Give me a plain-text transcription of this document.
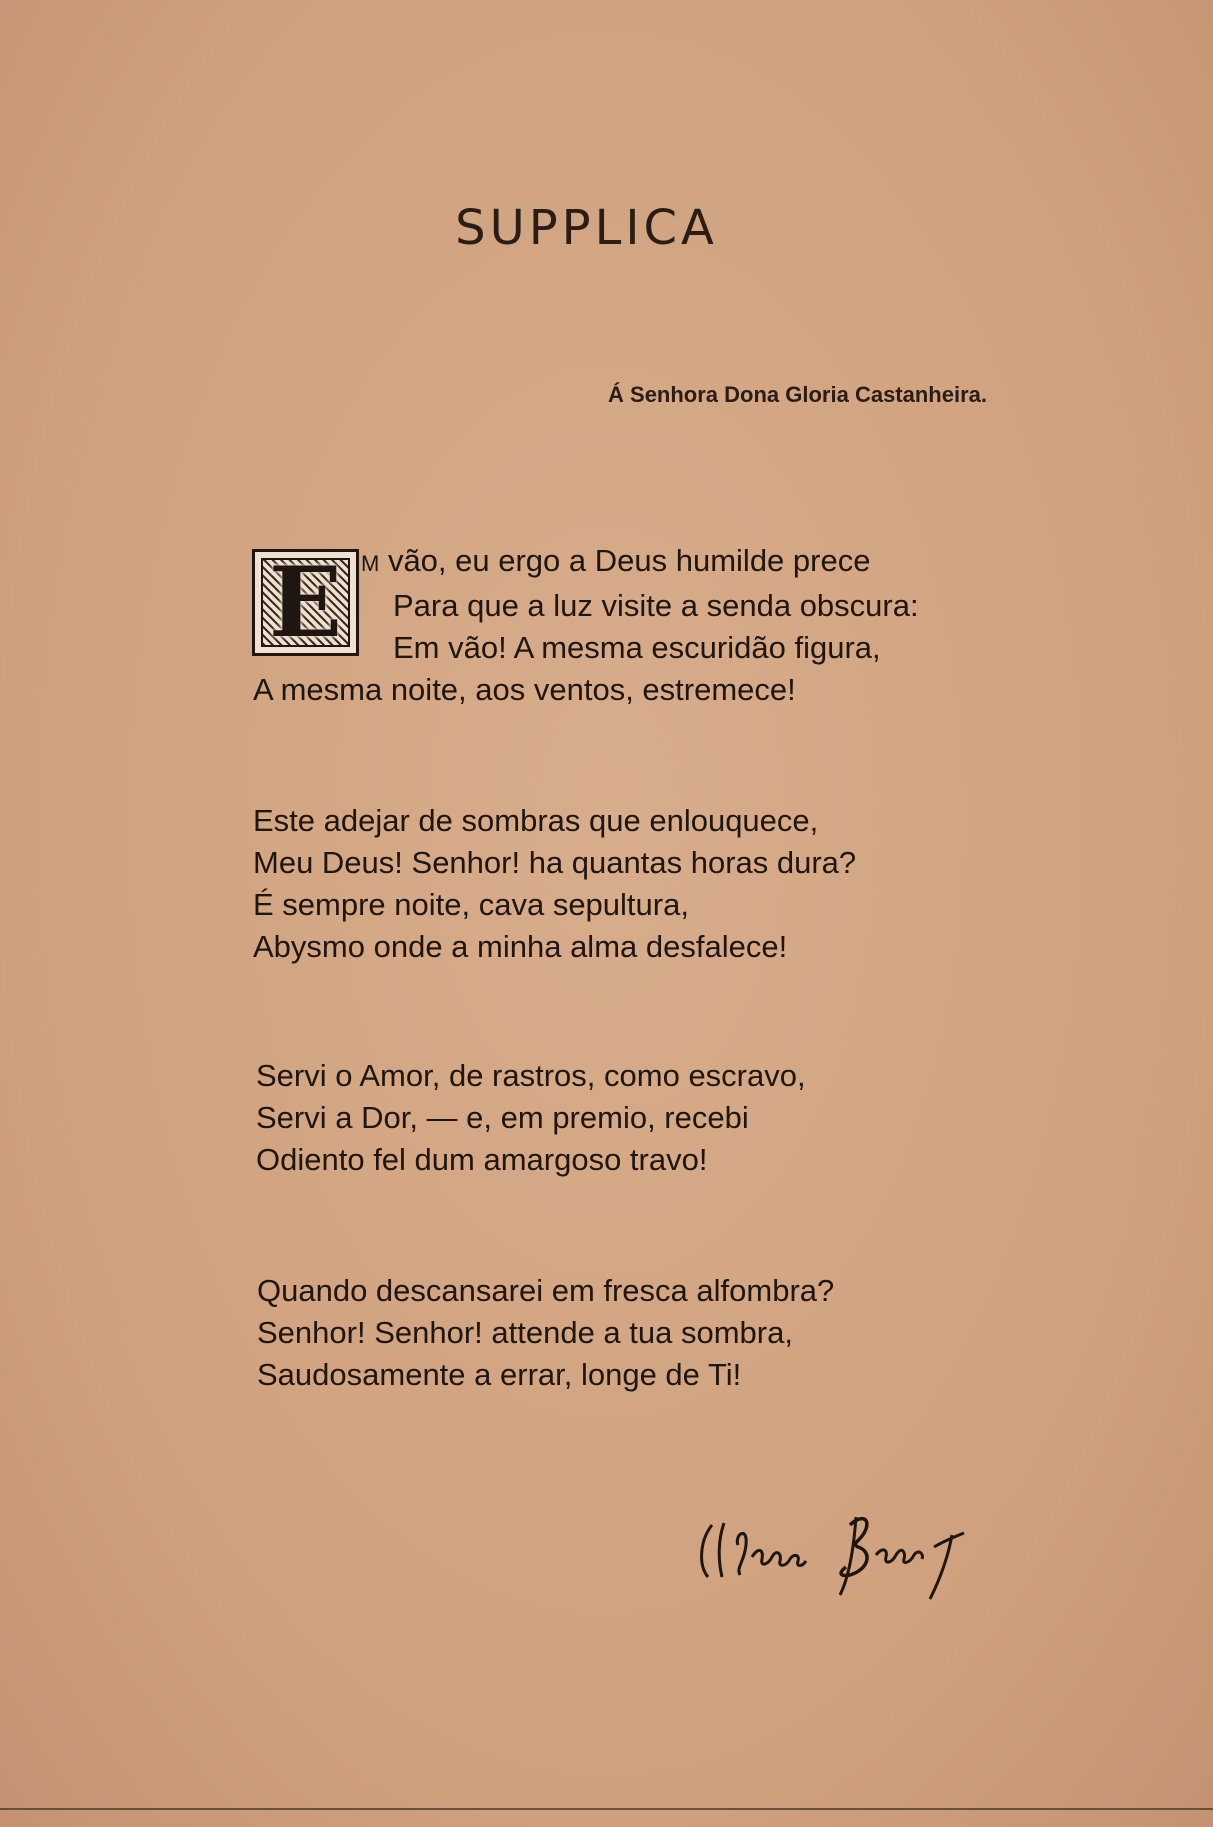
SUPPLICA
Á Senhora Dona Gloria Castanheira.
E M vão, eu ergo a Deus humilde prece
Para que a luz visite a senda obscura:
Em vão! A mesma escuridão figura,
A mesma noite, aos ventos, estremece!
Este adejar de sombras que enlouquece,
Meu Deus! Senhor! ha quantas horas dura?
É sempre noite, cava sepultura,
Abysmo onde a minha alma desfalece!
Servi o Amor, de rastros, como escravo,
Servi a Dor, — e, em premio, recebi
Odiento fel dum amargoso travo!
Quando descansarei em fresca alfombra?
Senhor! Senhor! attende a tua sombra,
Saudosamente a errar, longe de Ti!
